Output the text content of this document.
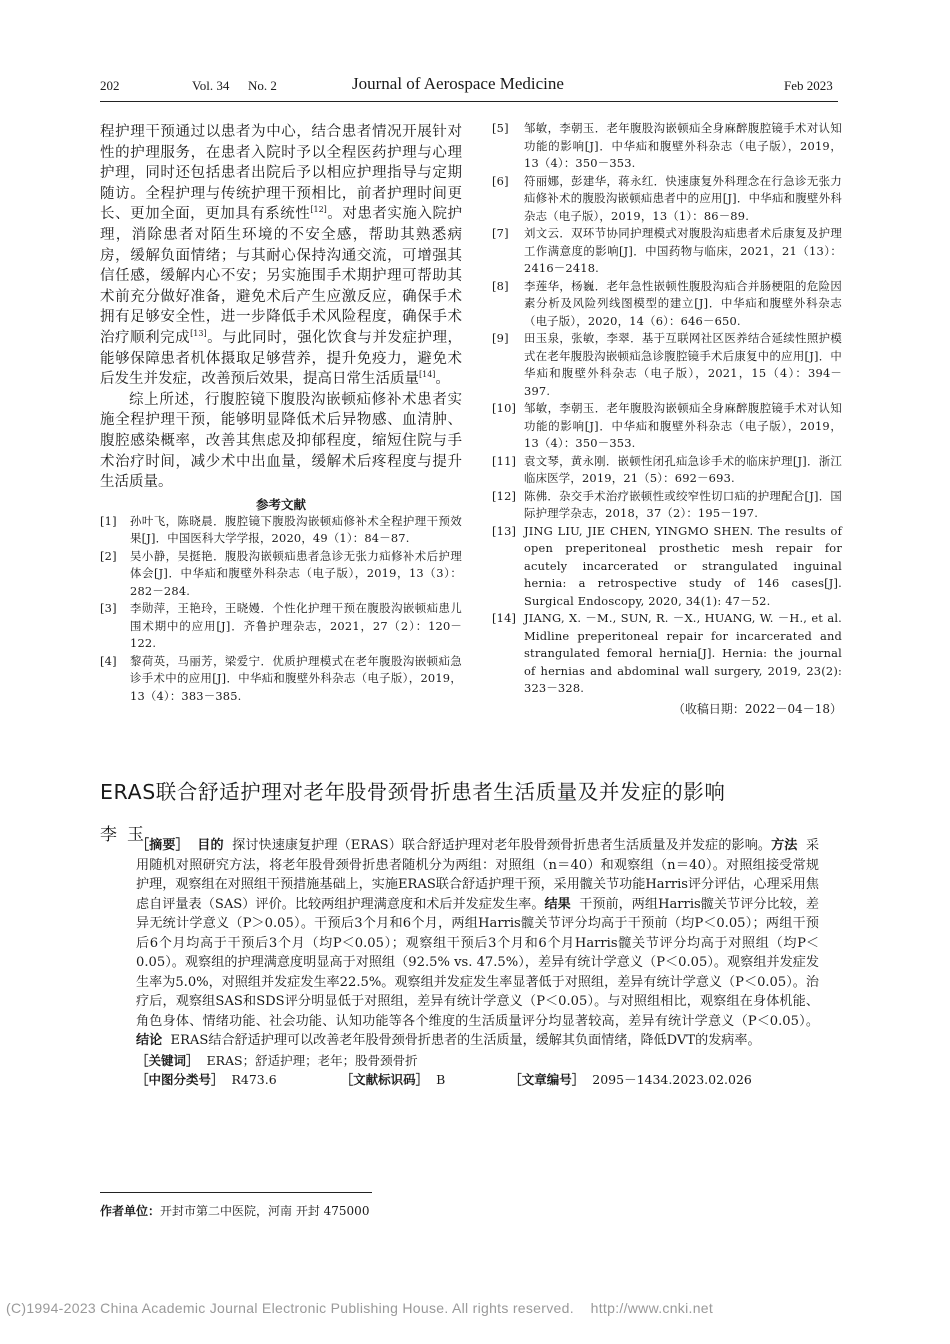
202	Vol. 34 No. 2	Journal of Aerospace Medicine	Feb 2023

程护理干预通过以患者为中心，结合患者情况开展针对性的护理服务，在患者入院时予以全程医药护理与心理护理，同时还包括患者出院后予以相应护理指导与定期随访。全程护理与传统护理干预相比，前者护理时间更长、更加全面，更加具有系统性[12]。对患者实施入院护理，消除患者对陌生环境的不安全感，帮助其熟悉病房，缓解负面情绪；与其耐心保持沟通交流，可增强其信任感，缓解内心不安；另实施围手术期护理可帮助其术前充分做好准备，避免术后产生应激反应，确保手术拥有足够安全性，进一步降低手术风险程度，确保手术治疗顺利完成[13]。与此同时，强化饮食与并发症护理，能够保障患者机体摄取足够营养，提升免疫力，避免术后发生并发症，改善预后效果，提高日常生活质量[14]。

综上所述，行腹腔镜下腹股沟嵌顿疝修补术患者实施全程护理干预，能够明显降低术后异物感、血清肿、腹腔感染概率，改善其焦虑及抑郁程度，缩短住院与手术治疗时间，减少术中出血量，缓解术后疼程度与提升生活质量。

参考文献
[1] 孙叶飞，陈晓晨．腹腔镜下腹股沟嵌顿疝修补术全程护理干预效果[J]．中国医科大学学报，2020，49（1）：84－87.
[2] 吴小静，吴挺艳．腹股沟嵌顿疝患者急诊无张力疝修补术后护理体会[J]．中华疝和腹壁外科杂志（电子版），2019，13（3）：282－284.
[3] 李勋萍，王艳玲，王晓嫚．个性化护理干预在腹股沟嵌顿疝患儿围术期中的应用[J]．齐鲁护理杂志，2021，27（2）：120－122.
[4] 黎荷英，马丽芳，梁爱宁．优质护理模式在老年腹股沟嵌顿疝急诊手术中的应用[J]．中华疝和腹壁外科杂志（电子版），2019，13（4）：383－385.
[5] 邹敏，李朝玉．老年腹股沟嵌顿疝全身麻醉腹腔镜手术对认知功能的影响[J]．中华疝和腹壁外科杂志（电子版），2019，13（4）：350－353.
[6] 符丽娜，彭建华，蒋永红．快速康复外科理念在行急诊无张力疝修补术的腹股沟嵌顿疝患者中的应用[J]．中华疝和腹壁外科杂志（电子版），2019，13（1）：86－89.
[7] 刘文云．双环节协同护理模式对腹股沟疝患者术后康复及护理工作满意度的影响[J]．中国药物与临床，2021，21（13）：2416－2418.
[8] 李莲华，杨巍．老年急性嵌顿性腹股沟疝合并肠梗阻的危险因素分析及风险列线图模型的建立[J]．中华疝和腹壁外科杂志（电子版），2020，14（6）：646－650.
[9] 田玉泉，张敏，李翠．基于互联网社区医养结合延续性照护模式在老年腹股沟嵌顿疝急诊腹腔镜手术后康复中的应用[J]．中华疝和腹壁外科杂志（电子版），2021，15（4）：394－397.
[10] 邹敏，李朝玉．老年腹股沟嵌顿疝全身麻醉腹腔镜手术对认知功能的影响[J]．中华疝和腹壁外科杂志（电子版），2019，13（4）：350－353.
[11] 袁文琴，黄永刚．嵌顿性闭孔疝急诊手术的临床护理[J]．浙江临床医学，2019，21（5）：692－693.
[12] 陈佛．杂交手术治疗嵌顿性或绞窄性切口疝的护理配合[J]．国际护理学杂志，2018，37（2）：195－197.
[13] JING LIU, JIE CHEN, YINGMO SHEN. The results of open preperitoneal prosthetic mesh repair for acutely incarcerated or strangulated inguinal hernia: a retrospective study of 146 cases[J]. Surgical Endoscopy, 2020, 34(1): 47－52.
[14] JIANG, X. －M., SUN, R. －X., HUANG, W. －H., et al. Midline preperitoneal repair for incarcerated and strangulated femoral hernia[J]. Hernia: the journal of hernias and abdominal wall surgery, 2019, 23(2): 323－328.
（收稿日期：2022－04－18）
ERAS联合舒适护理对老年股骨颈骨折患者生活质量及并发症的影响
李玉

［摘要］ 目的 探讨快速康复护理（ERAS）联合舒适护理对老年股骨颈骨折患者生活质量及并发症的影响。方法 采用随机对照研究方法，将老年股骨颈骨折患者随机分为两组：对照组（n＝40）和观察组（n＝40）。对照组接受常规护理，观察组在对照组干预措施基础上，实施ERAS联合舒适护理干预，采用髋关节功能Harris评分评估，心理采用焦虑自评量表（SAS）评价。比较两组护理满意度和术后并发症发生率。结果 干预前，两组Harris髋关节评分比较，差异无统计学意义（P＞0.05）。干预后3个月和6个月，两组Harris髋关节评分均高于干预前（均P＜0.05）；两组干预后6个月均高于干预后3个月（均P＜0.05）；观察组干预后3个月和6个月Harris髋关节评分均高于对照组（均P＜0.05）。观察组的护理满意度明显高于对照组（92.5% vs. 47.5%），差异有统计学意义（P＜0.05）。观察组并发症发生率为5.0%，对照组并发症发生率22.5%。观察组并发症发生率显著低于对照组，差异有统计学意义（P＜0.05）。治疗后，观察组SAS和SDS评分明显低于对照组，差异有统计学意义（P＜0.05）。与对照组相比，观察组在身体机能、角色身体、情绪功能、社会功能、认知功能等各个维度的生活质量评分均显著较高，差异有统计学意义（P＜0.05）。结论 ERAS结合舒适护理可以改善老年股骨颈骨折患者的生活质量，缓解其负面情绪，降低DVT的发病率。

［关键词］ ERAS；舒适护理；老年；股骨颈骨折

［中图分类号］ R473.6	［文献标识码］ B	［文章编号］ 2095－1434.2023.02.026

作者单位：开封市第二中医院，河南 开封 475000
(C)1994-2023 China Academic Journal Electronic Publishing House. All rights reserved.    http://www.cnki.net
